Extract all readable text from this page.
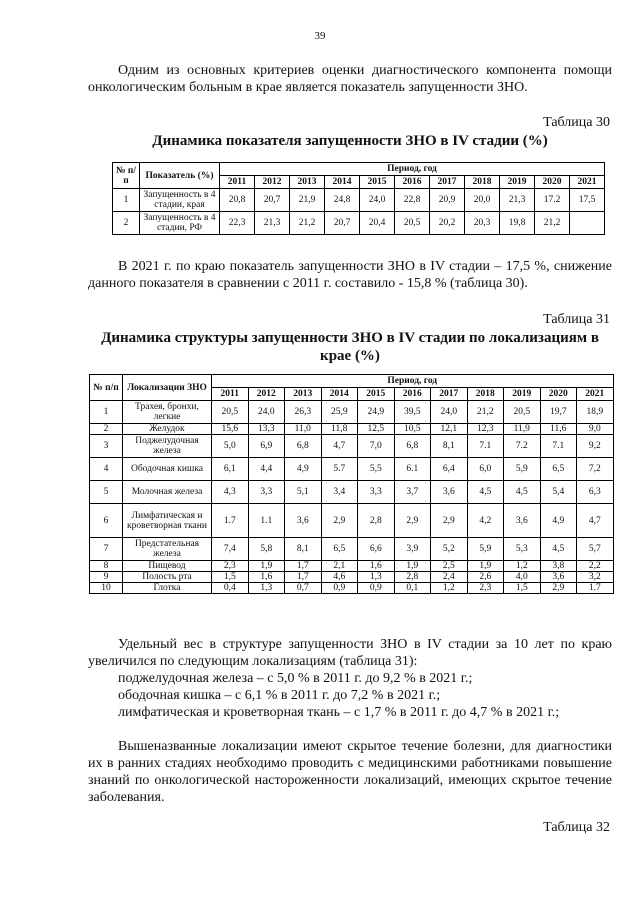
39
Одним из основных критериев оценки диагностического компонента помощи онкологическим больным в крае является показатель запущенности ЗНО.
Таблица 30
Динамика показателя запущенности ЗНО в IV стадии (%)
№ п/п	Показатель (%)	Период, год										
		2011	2012	2013	2014	2015	2016	2017	2018	2019	2020	2021
1	Запущенность в 4 стадии, края	20,8	20,7	21,9	24,8	24,0	22,8	20,9	20,0	21,3	17.2	17,5
2	Запущенность в 4 стадии, РФ	22,3	21,3	21,2	20,7	20,4	20,5	20,2	20,3	19,8	21,2	
В 2021 г. по краю показатель запущенности ЗНО в IV стадии – 17,5 %, снижение данного показателя в сравнении с 2011 г. составило - 15,8 % (таблица 30).
Таблица 31
Динамика структуры запущенности ЗНО в IV стадии по локализациям в крае (%)
№ п/п	Локализации ЗНО	Период, год										
		2011	2012	2013	2014	2015	2016	2017	2018	2019	2020	2021
1	Трахея, бронхи, легкие	20,5	24,0	26,3	25,9	24,9	39,5	24,0	21,2	20,5	19,7	18,9
2	Желудок	15,6	13,3	11,0	11,8	12,5	10,5	12,1	12,3	11,9	11,6	9,0
3	Поджелудочная железа	5,0	6,9	6,8	4,7	7,0	6,8	8,1	7.1	7.2	7.1	9,2
4	Ободочная кишка	6,1	4,4	4,9	5.7	5,5	6.1	6,4	6,0	5,9	6,5	7,2
5	Молочная железа	4,3	3,3	5,1	3,4	3,3	3,7	3,6	4,5	4,5	5,4	6,3
6	Лимфатическая и кроветворная ткани	1.7	1.1	3,6	2,9	2,8	2,9	2,9	4,2	3,6	4,9	4,7
7	Предстательная железа	7,4	5,8	8,1	6,5	6,6	3,9	5,2	5,9	5,3	4,5	5,7
8	Пищевод	2,3	1,9	1,7	2,1	1,6	1,9	2,5	1,9	1,2	3,8	2,2
9	Полость рта	1,5	1,6	1,7	4,6	1,3	2,8	2,4	2,6	4,0	3,6	3,2
10	Глотка	0,4	1,3	0,7	0,9	0,9	0,1	1,2	2,3	1,5	2,9	1.7
Удельный вес в структуре запущенности ЗНО в IV стадии за 10 лет по краю увеличился по следующим локализациям (таблица 31):
поджелудочная железа – с 5,0 % в 2011 г. до 9,2 % в 2021 г.;
ободочная кишка – с 6,1 % в 2011 г. до 7,2 % в 2021 г.;
лимфатическая и кроветворная ткань – с 1,7 % в 2011 г. до 4,7 % в 2021 г.;
Вышеназванные локализации имеют скрытое течение болезни, для диагностики их в ранних стадиях необходимо проводить с медицинскими работниками повышение знаний по онкологической настороженности локализаций, имеющих скрытое течение заболевания.
Таблица 32
